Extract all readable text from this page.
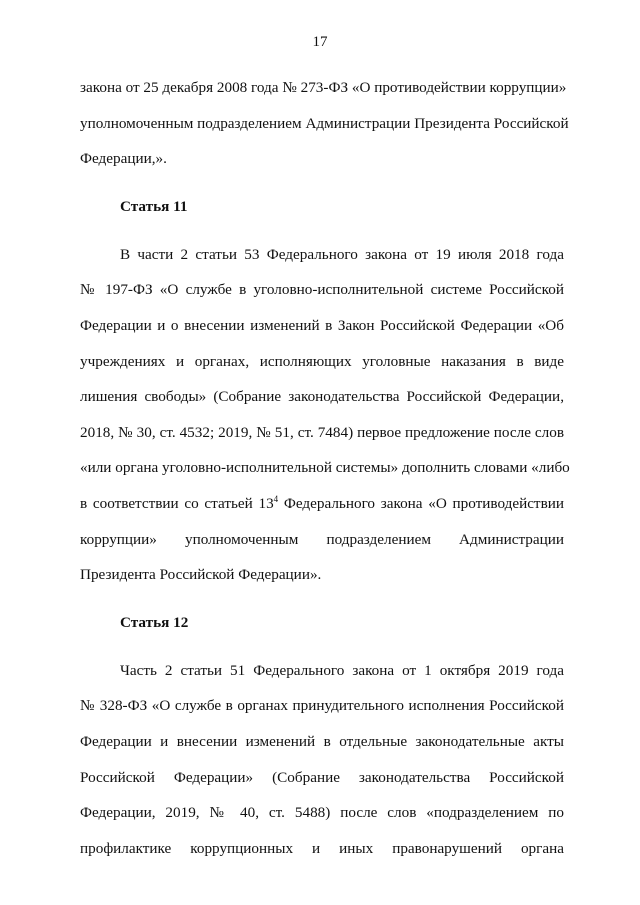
17
закона от 25 декабря 2008 года № 273-ФЗ «О противодействии коррупции»
уполномоченным подразделением Администрации Президента Российской
Федерации,».
Статья 11
В части 2 статьи 53 Федерального закона от 19 июля 2018 года
№ 197-ФЗ «О службе в уголовно-исполнительной системе Российской
Федерации и о внесении изменений в Закон Российской Федерации «Об
учреждениях и органах, исполняющих уголовные наказания в виде
лишения свободы» (Собрание законодательства Российской Федерации,
2018, № 30, ст. 4532; 2019, № 51, ст. 7484) первое предложение после слов
«или органа уголовно-исполнительной системы» дополнить словами «либо
в соответствии со статьей $13^4$ Федерального закона «О противодействии
коррупции» уполномоченным подразделением Администрации
Президента Российской Федерации».
Статья 12
Часть 2 статьи 51 Федерального закона от 1 октября 2019 года
№ 328-ФЗ «О службе в органах принудительного исполнения Российской
Федерации и внесении изменений в отдельные законодательные акты
Российской Федерации» (Собрание законодательства Российской
Федерации, 2019, № 40, ст. 5488) после слов «подразделением по
профилактике коррупционных и иных правонарушений органа
